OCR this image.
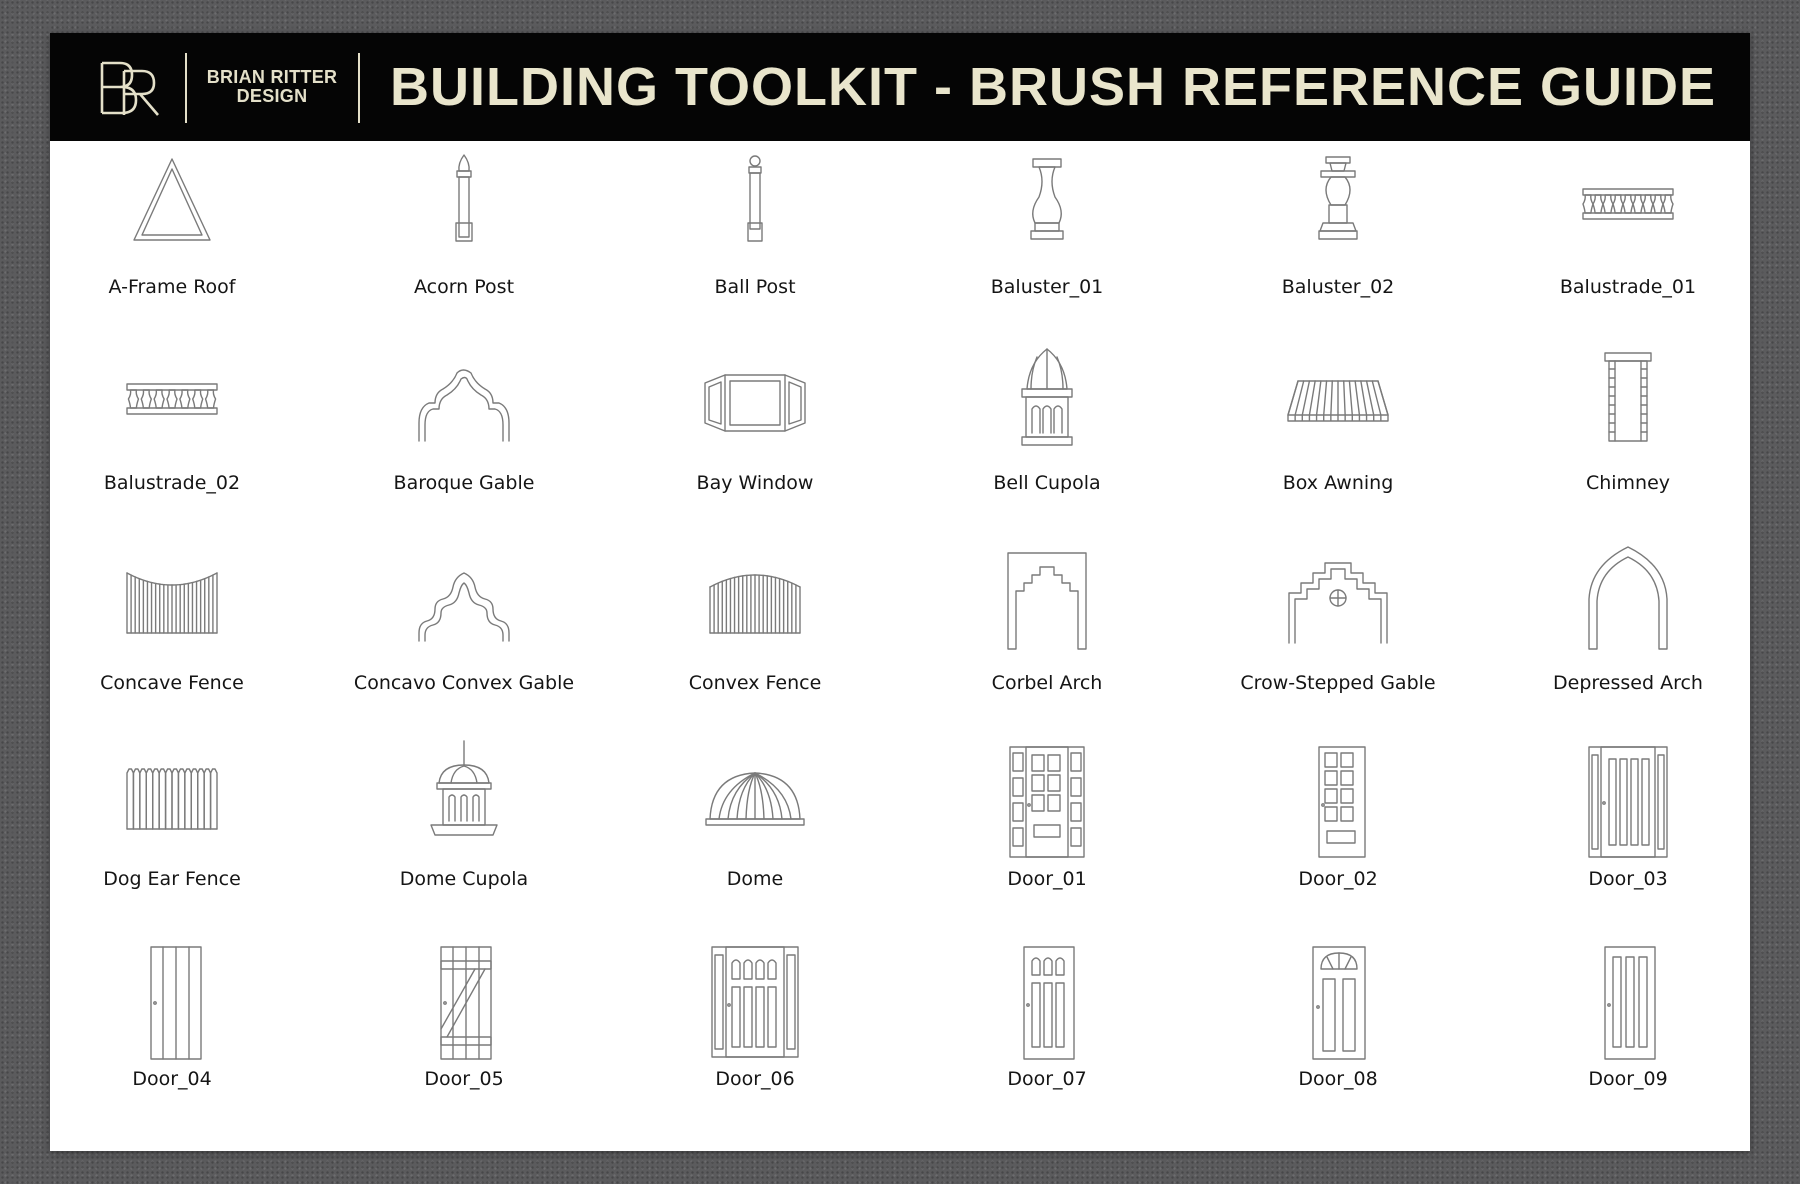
BRIAN RITTER
DESIGN	BUILDING TOOLKIT - BRUSH REFERENCE GUIDE
A-Frame Roof	Acorn Post	Ball Post	Baluster_01	Baluster_02	Balustrade_01
Balustrade_02	Baroque Gable	Bay Window	Bell Cupola	Box Awning	Chimney
Concave Fence	Concavo Convex Gable	Convex Fence	Corbel Arch	Crow-Stepped Gable	Depressed Arch
Dog Ear Fence	Dome Cupola	Dome	Door_01	Door_02	Door_03
Door_04	Door_05	Door_06	Door_07	Door_08	Door_09
